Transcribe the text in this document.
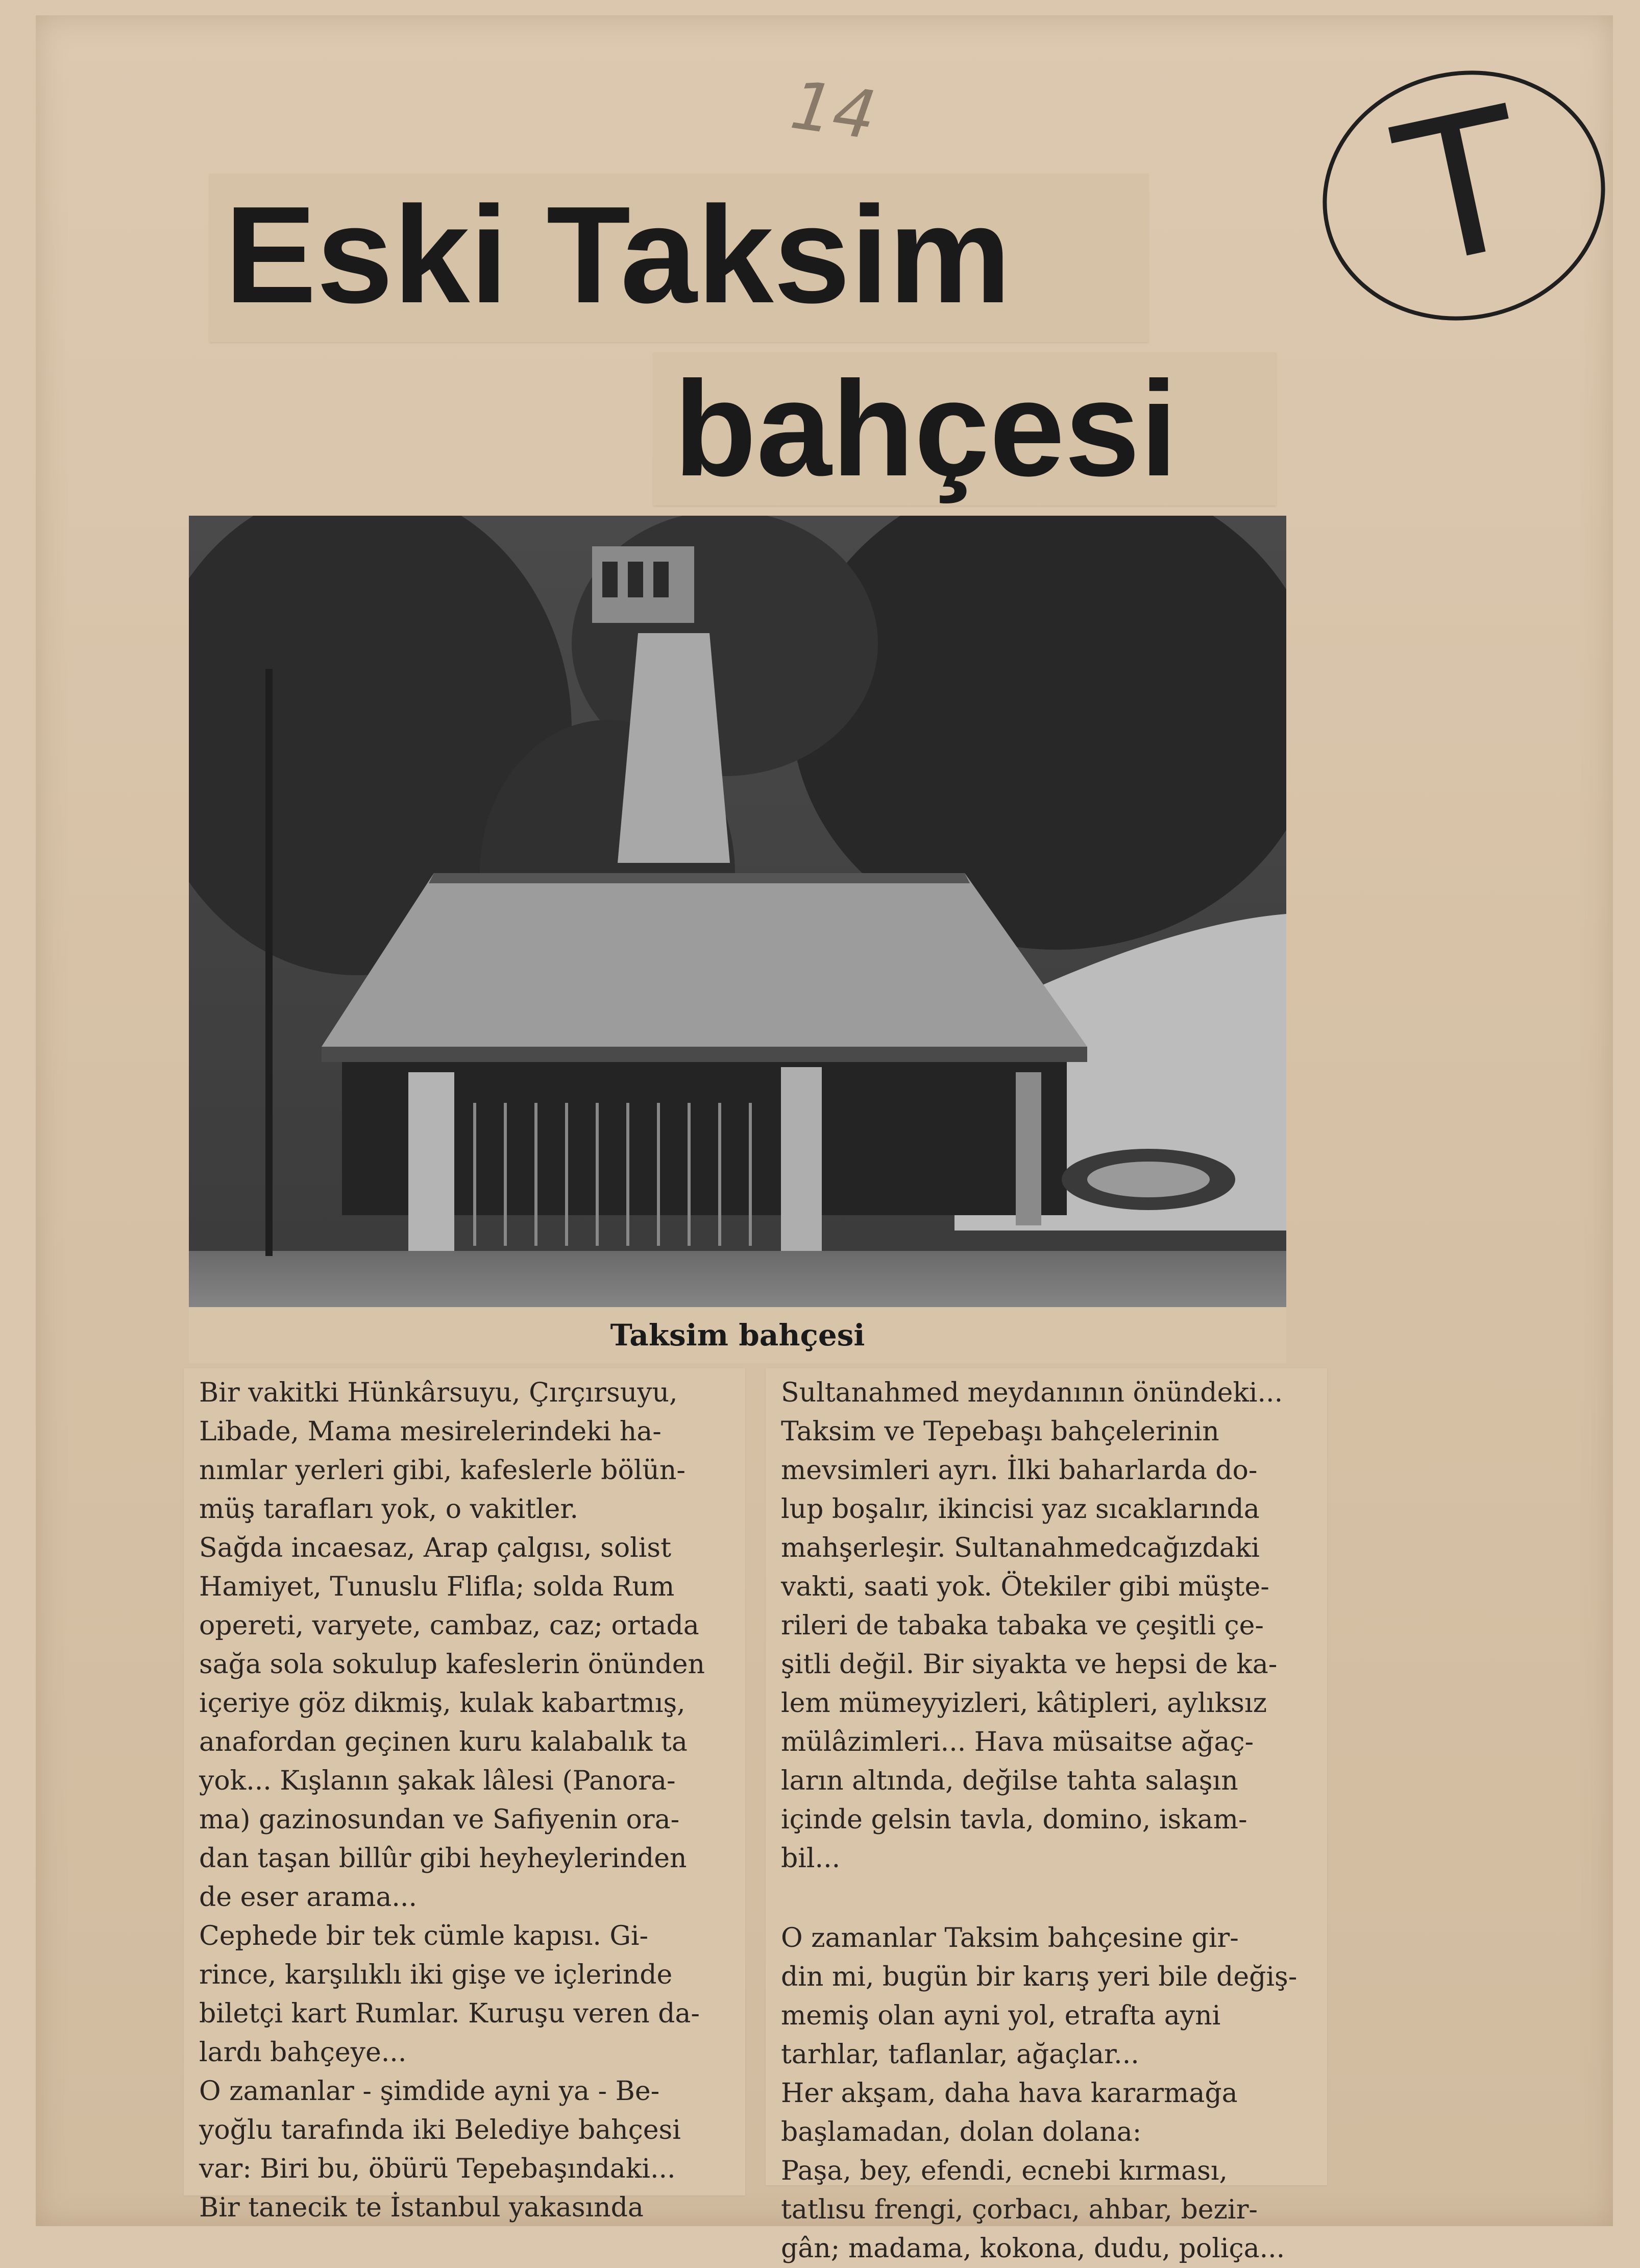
14	T
Eski Taksim
bahçesi
Taksim bahçesi
Bir vakitki Hünkârsuyu, Çırçırsuyu,
Libade, Mama mesirelerindeki ha-
nımlar yerleri gibi, kafeslerle bölün-
müş tarafları yok, o vakitler.
Sağda incaesaz, Arap çalgısı, solist
Hamiyet, Tunuslu Flifla; solda Rum
opereti, varyete, cambaz, caz; ortada
sağa sola sokulup kafeslerin önünden
içeriye göz dikmiş, kulak kabartmış,
anafordan geçinen kuru kalabalık ta
yok... Kışlanın şakak lâlesi (Panora-
ma) gazinosundan ve Safiyenin ora-
dan taşan billûr gibi heyheylerinden
de eser arama...
Cephede bir tek cümle kapısı. Gi-
rince, karşılıklı iki gişe ve içlerinde
biletçi kart Rumlar. Kuruşu veren da-
lardı bahçeye...
O zamanlar - şimdide ayni ya - Be-
yoğlu tarafında iki Belediye bahçesi
var: Biri bu, öbürü Tepebaşındaki...
Bir tanecik te İstanbul yakasında
Sultanahmed meydanının önündeki...
Taksim ve Tepebaşı bahçelerinin
mevsimleri ayrı. İlki baharlarda do-
lup boşalır, ikincisi yaz sıcaklarında
mahşerleşir. Sultanahmedcağızdaki
vakti, saati yok. Ötekiler gibi müşte-
rileri de tabaka tabaka ve çeşitli çe-
şitli değil. Bir siyakta ve hepsi de ka-
lem mümeyyizleri, kâtipleri, aylıksız
mülâzimleri... Hava müsaitse ağaç-
ların altında, değilse tahta salaşın
içinde gelsin tavla, domino, iskam-
bil...
O zamanlar Taksim bahçesine gir-
din mi, bugün bir karış yeri bile değiş-
memiş olan ayni yol, etrafta ayni
tarhlar, taflanlar, ağaçlar...
Her akşam, daha hava kararmağa
başlamadan, dolan dolana:
Paşa, bey, efendi, ecnebi kırması,
tatlısu frengi, çorbacı, ahbar, bezir-
gân; madama, kokona, dudu, poliça...
